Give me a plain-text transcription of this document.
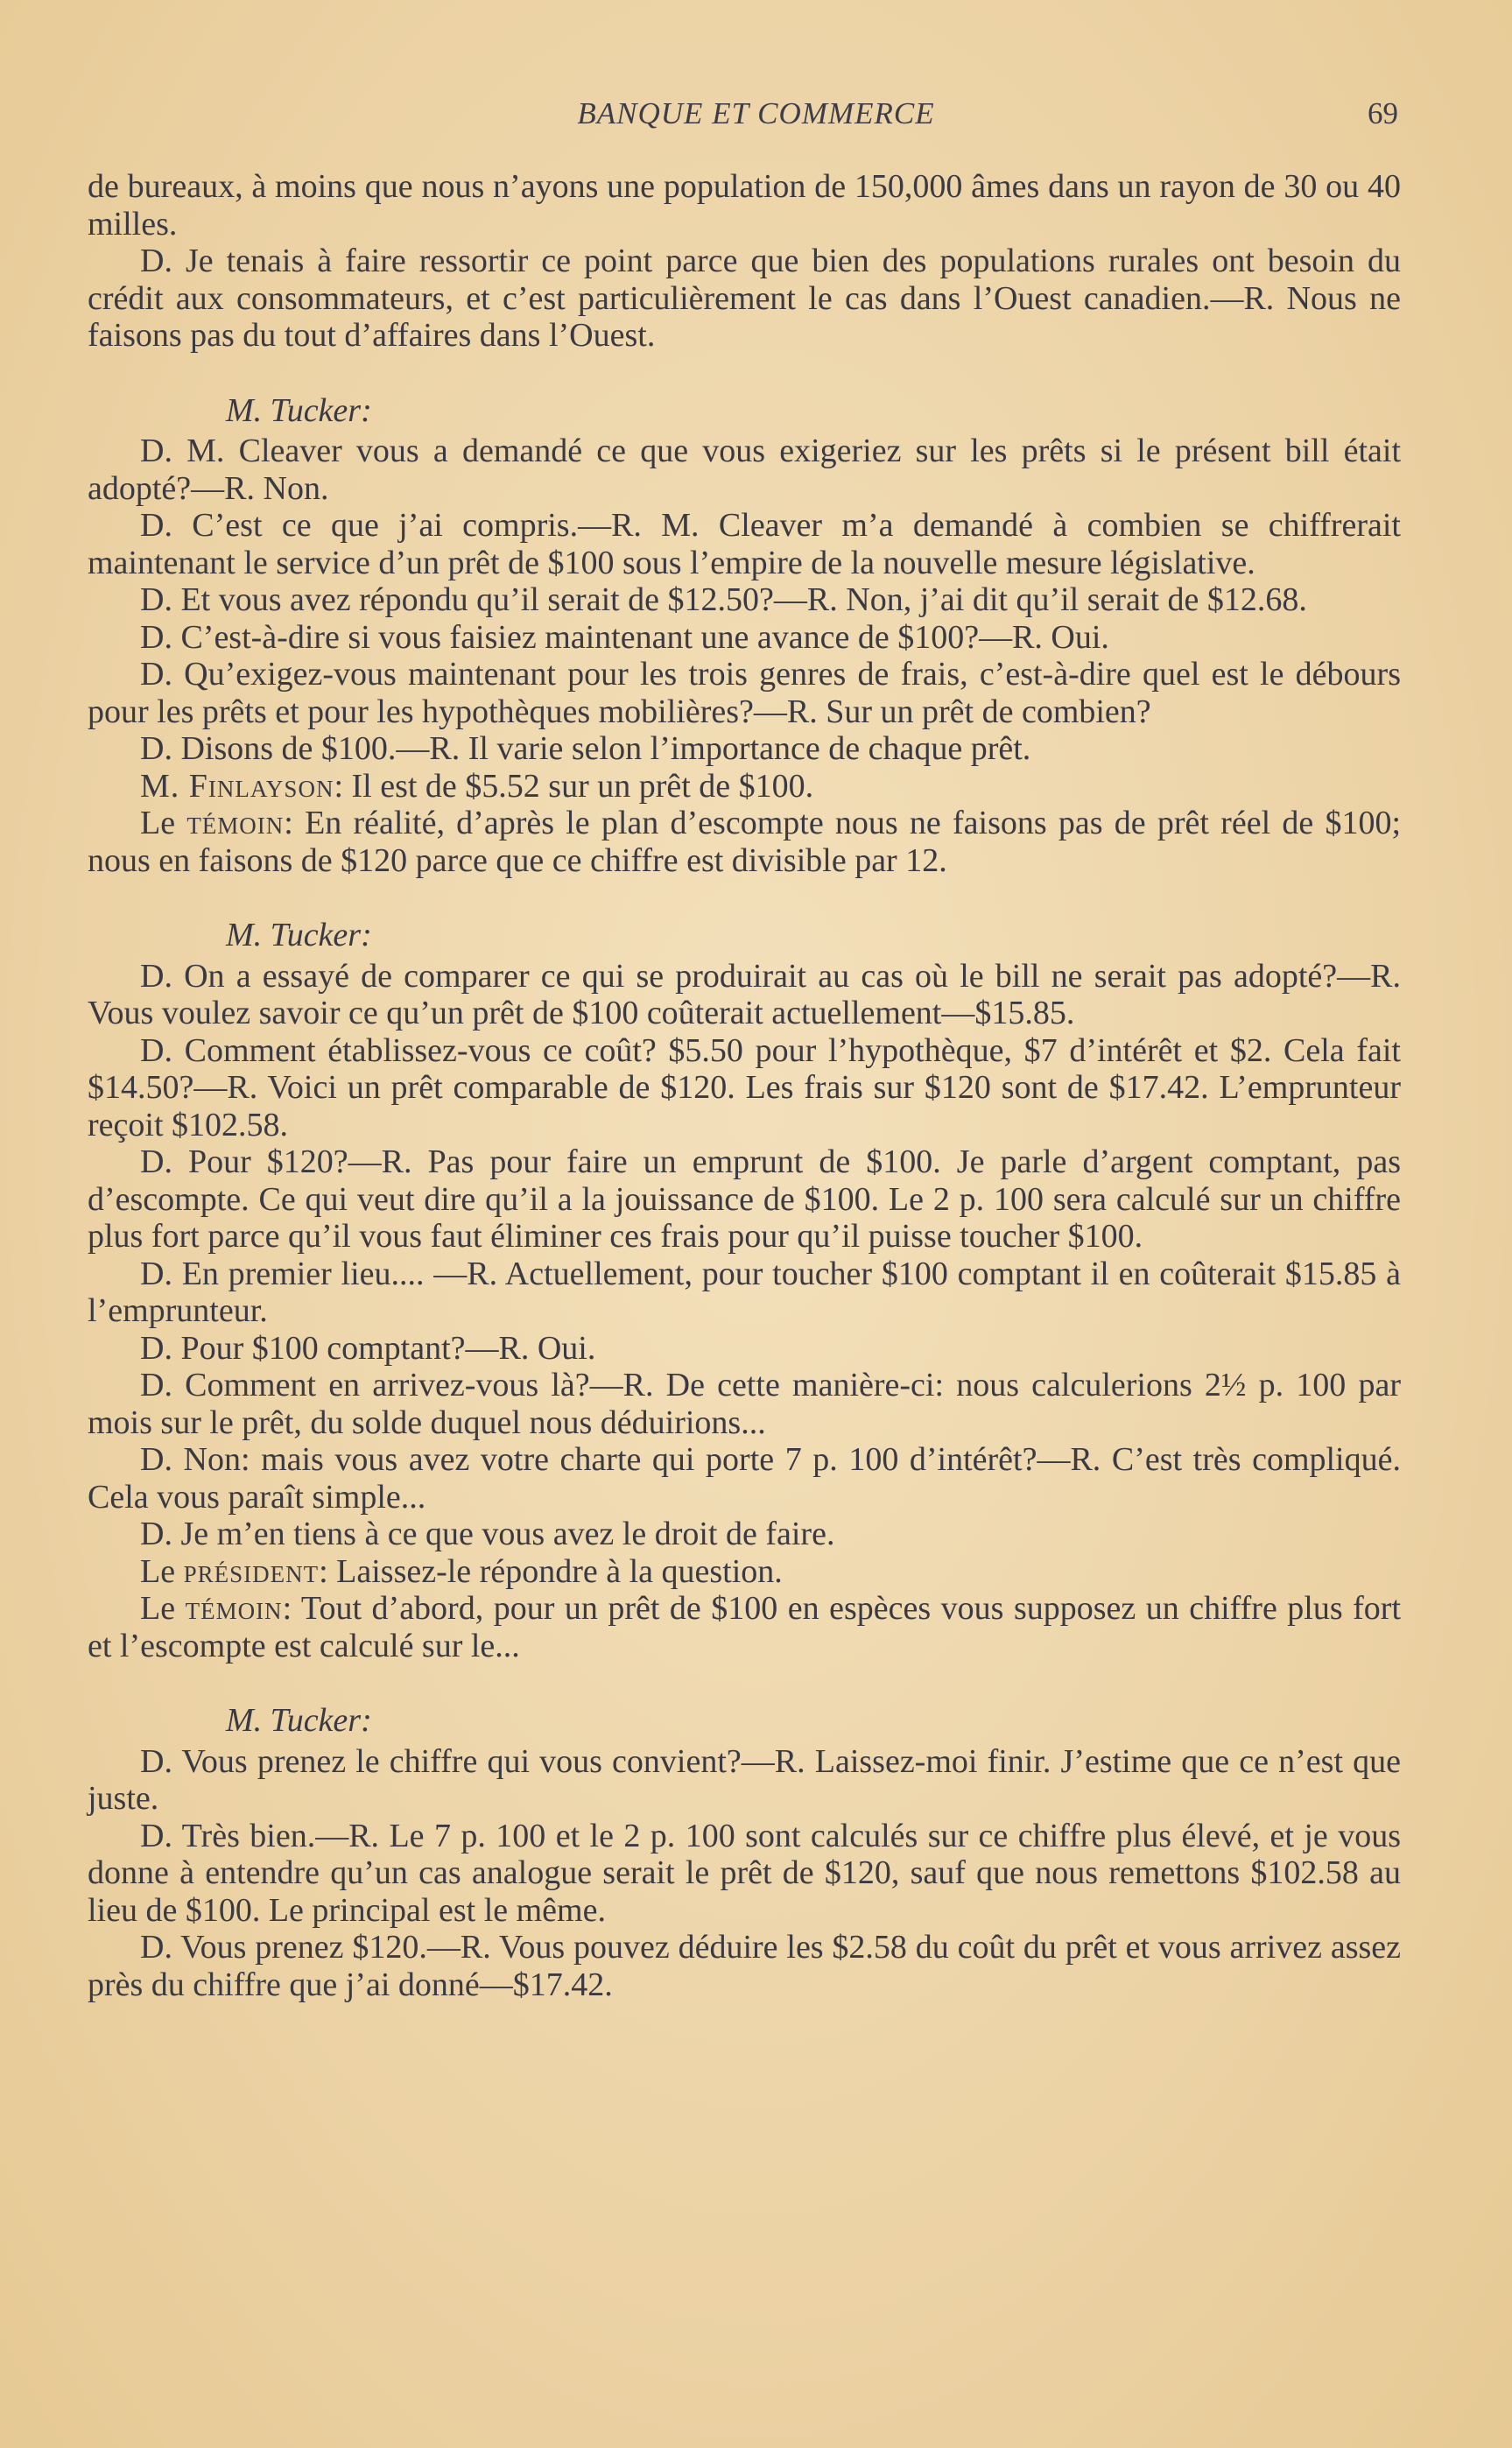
BANQUE ET COMMERCE	69

de bureaux, à moins que nous n’ayons une population de 150,000 âmes dans un rayon de 30 ou 40 milles.

D. Je tenais à faire ressortir ce point parce que bien des populations rurales ont besoin du crédit aux consommateurs, et c’est particulièrement le cas dans l’Ouest canadien.—R. Nous ne faisons pas du tout d’affaires dans l’Ouest.

M. Tucker:

D. M. Cleaver vous a demandé ce que vous exigeriez sur les prêts si le présent bill était adopté?—R. Non.

D. C’est ce que j’ai compris.—R. M. Cleaver m’a demandé à combien se chiffrerait maintenant le service d’un prêt de $100 sous l’empire de la nouvelle mesure législative.

D. Et vous avez répondu qu’il serait de $12.50?—R. Non, j’ai dit qu’il serait de $12.68.

D. C’est-à-dire si vous faisiez maintenant une avance de $100?—R. Oui.

D. Qu’exigez-vous maintenant pour les trois genres de frais, c’est-à-dire quel est le débours pour les prêts et pour les hypothèques mobilières?—R. Sur un prêt de combien?

D. Disons de $100.—R. Il varie selon l’importance de chaque prêt.

M. Finlayson: Il est de $5.52 sur un prêt de $100.

Le témoin: En réalité, d’après le plan d’escompte nous ne faisons pas de prêt réel de $100; nous en faisons de $120 parce que ce chiffre est divisible par 12.

M. Tucker:

D. On a essayé de comparer ce qui se produirait au cas où le bill ne serait pas adopté?—R. Vous voulez savoir ce qu’un prêt de $100 coûterait actuellement—$15.85.

D. Comment établissez-vous ce coût? $5.50 pour l’hypothèque, $7 d’intérêt et $2. Cela fait $14.50?—R. Voici un prêt comparable de $120. Les frais sur $120 sont de $17.42. L’emprunteur reçoit $102.58.

D. Pour $120?—R. Pas pour faire un emprunt de $100. Je parle d’argent comptant, pas d’escompte. Ce qui veut dire qu’il a la jouissance de $100. Le 2 p. 100 sera calculé sur un chiffre plus fort parce qu’il vous faut éliminer ces frais pour qu’il puisse toucher $100.

D. En premier lieu.... —R. Actuellement, pour toucher $100 comptant il en coûterait $15.85 à l’emprunteur.

D. Pour $100 comptant?—R. Oui.

D. Comment en arrivez-vous là?—R. De cette manière-ci: nous calculerions 2½ p. 100 par mois sur le prêt, du solde duquel nous déduirions...

D. Non: mais vous avez votre charte qui porte 7 p. 100 d’intérêt?—R. C’est très compliqué. Cela vous paraît simple...

D. Je m’en tiens à ce que vous avez le droit de faire.

Le président: Laissez-le répondre à la question.

Le témoin: Tout d’abord, pour un prêt de $100 en espèces vous supposez un chiffre plus fort et l’escompte est calculé sur le...

M. Tucker:

D. Vous prenez le chiffre qui vous convient?—R. Laissez-moi finir. J’estime que ce n’est que juste.

D. Très bien.—R. Le 7 p. 100 et le 2 p. 100 sont calculés sur ce chiffre plus élevé, et je vous donne à entendre qu’un cas analogue serait le prêt de $120, sauf que nous remettons $102.58 au lieu de $100. Le principal est le même.

D. Vous prenez $120.—R. Vous pouvez déduire les $2.58 du coût du prêt et vous arrivez assez près du chiffre que j’ai donné—$17.42.
